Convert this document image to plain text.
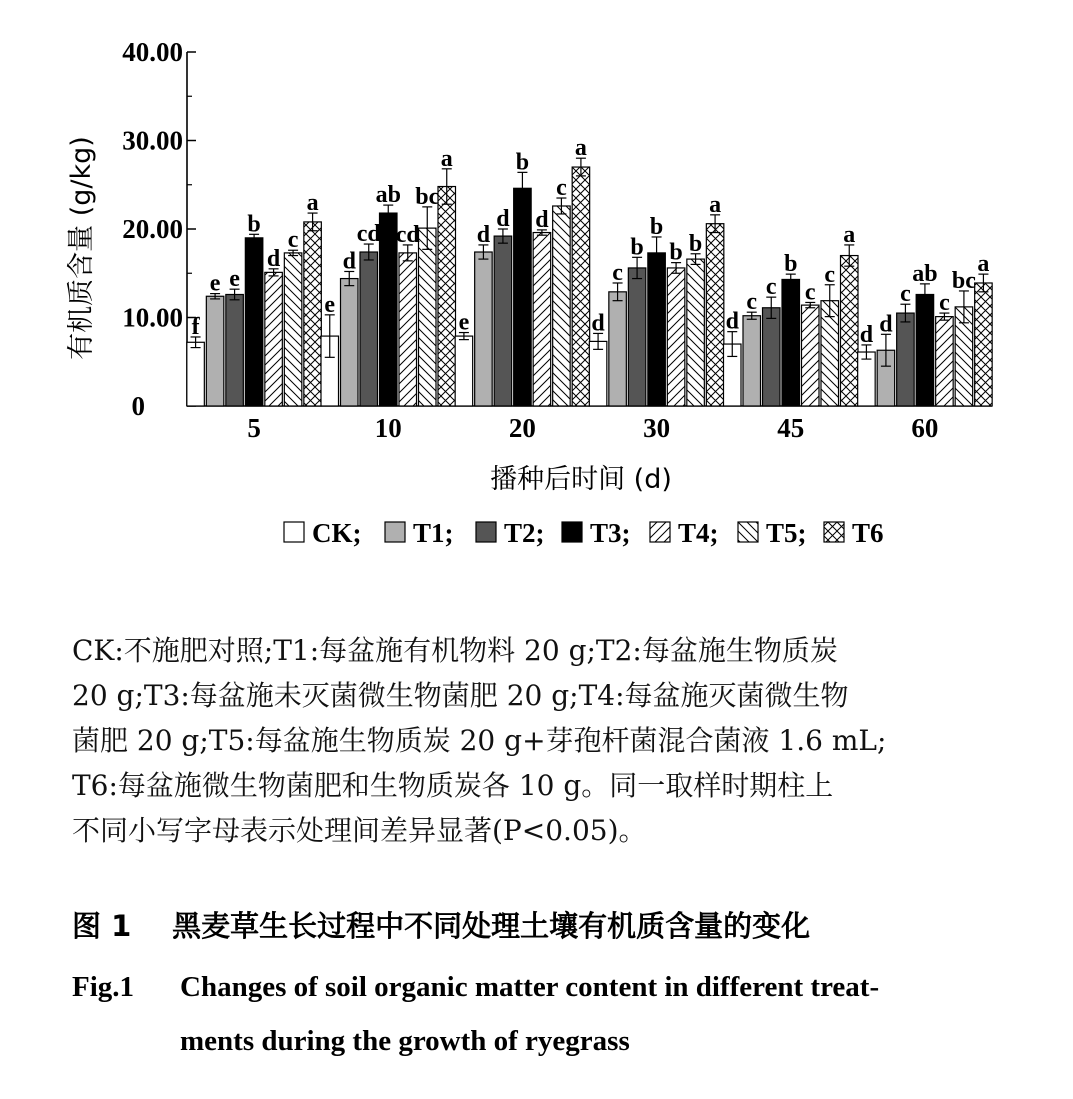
0
10.00
20.00
30.00
40.00
有机质含量 (g/kg)
5	10	20	30	45	60
播种后时间 (d)
f
e e
b
d
c
a
e
d
cd
ab
cd
bc
a
e
d
d
b
d
c
a
d
c
b
b
b b
a
d
c
c
b
c
c
a
d d
c
ab
c
bc
a
CK; T1; T2; T3; T4; T5; T6
CK:不施肥对照;T1:每盆施有机物料 20 g;T2:每盆施生物质炭
20 g;T3:每盆施未灭菌微生物菌肥 20 g;T4:每盆施灭菌微生物
菌肥 20 g;T5:每盆施生物质炭 20 g+芽孢杆菌混合菌液 1.6 mL;
T6:每盆施微生物菌肥和生物质炭各 10 g。同一取样时期柱上
不同小写字母表示处理间差异显著(P<0.05)。
图 1 黑麦草生长过程中不同处理土壤有机质含量的变化
Fig.1 Changes of soil organic matter content in different treat-
ments during the growth of ryegrass
